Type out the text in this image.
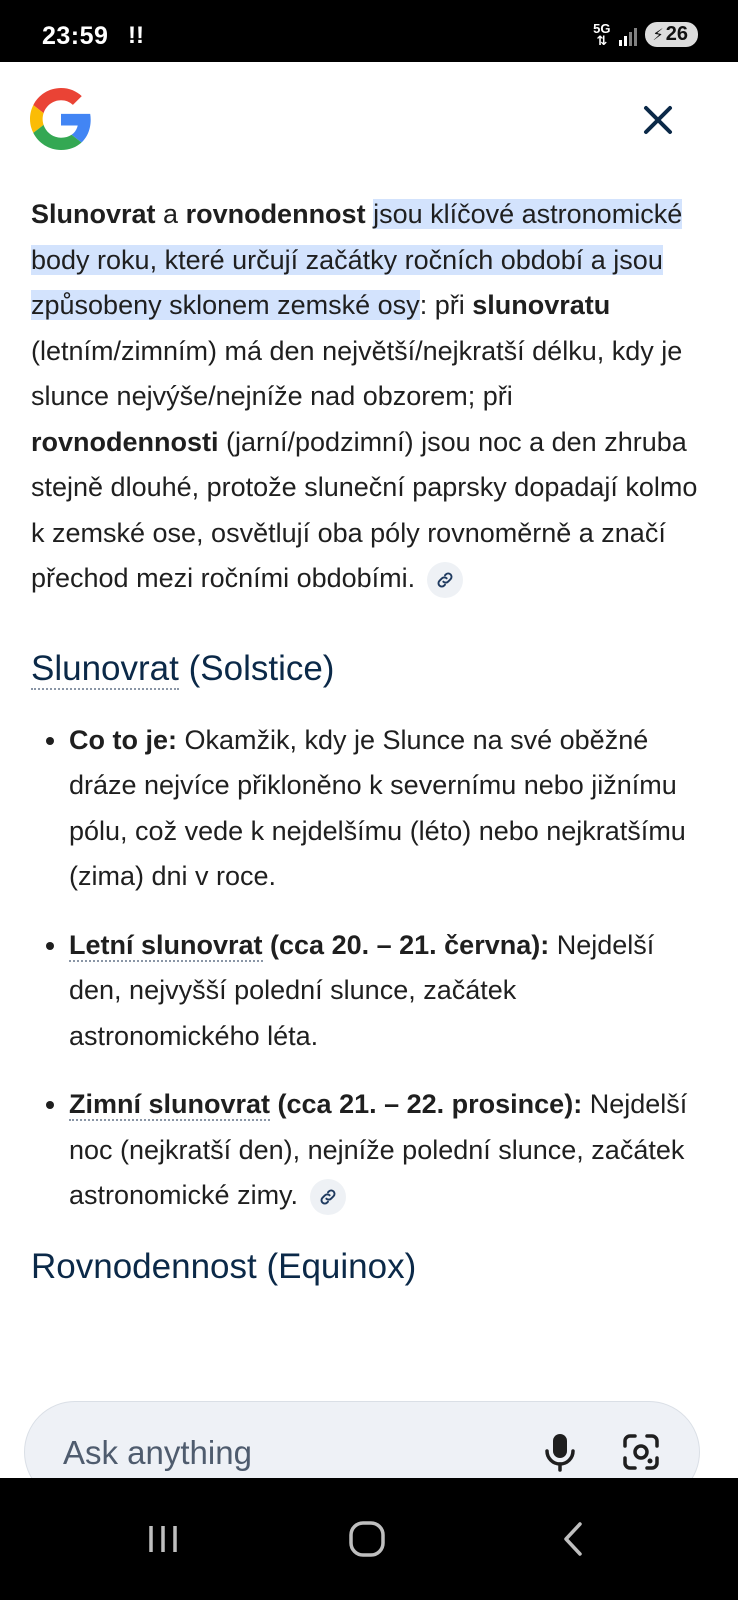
23:59 !!	5G
⇅	⚡ 26

Slunovrat a rovnodennost jsou klíčové astronomické body roku, které určují začátky ročních období a jsou způsobeny sklonem zemské osy: při slunovratu (letním/zimním) má den největší/nejkratší délku, kdy je slunce nejvýše/nejníže nad obzorem; při rovnodennosti (jarní/podzimní) jsou noc a den zhruba stejně dlouhé, protože sluneční paprsky dopadají kolmo k zemské ose, osvětlují oba póly rovnoměrně a značí přechod mezi ročními obdobími.

Slunovrat (Solstice)
• Co to je: Okamžik, kdy je Slunce na své oběžné dráze nejvíce přikloněno k severnímu nebo jižnímu pólu, což vede k nejdelšímu (léto) nebo nejkratšímu (zima) dni v roce.
• Letní slunovrat (cca 20. – 21. června): Nejdelší den, nejvyšší polední slunce, začátek astronomického léta.
• Zimní slunovrat (cca 21. – 22. prosince): Nejdelší noc (nejkratší den), nejníže polední slunce, začátek astronomické zimy.
Rovnodennost (Equinox)
Ask anything
